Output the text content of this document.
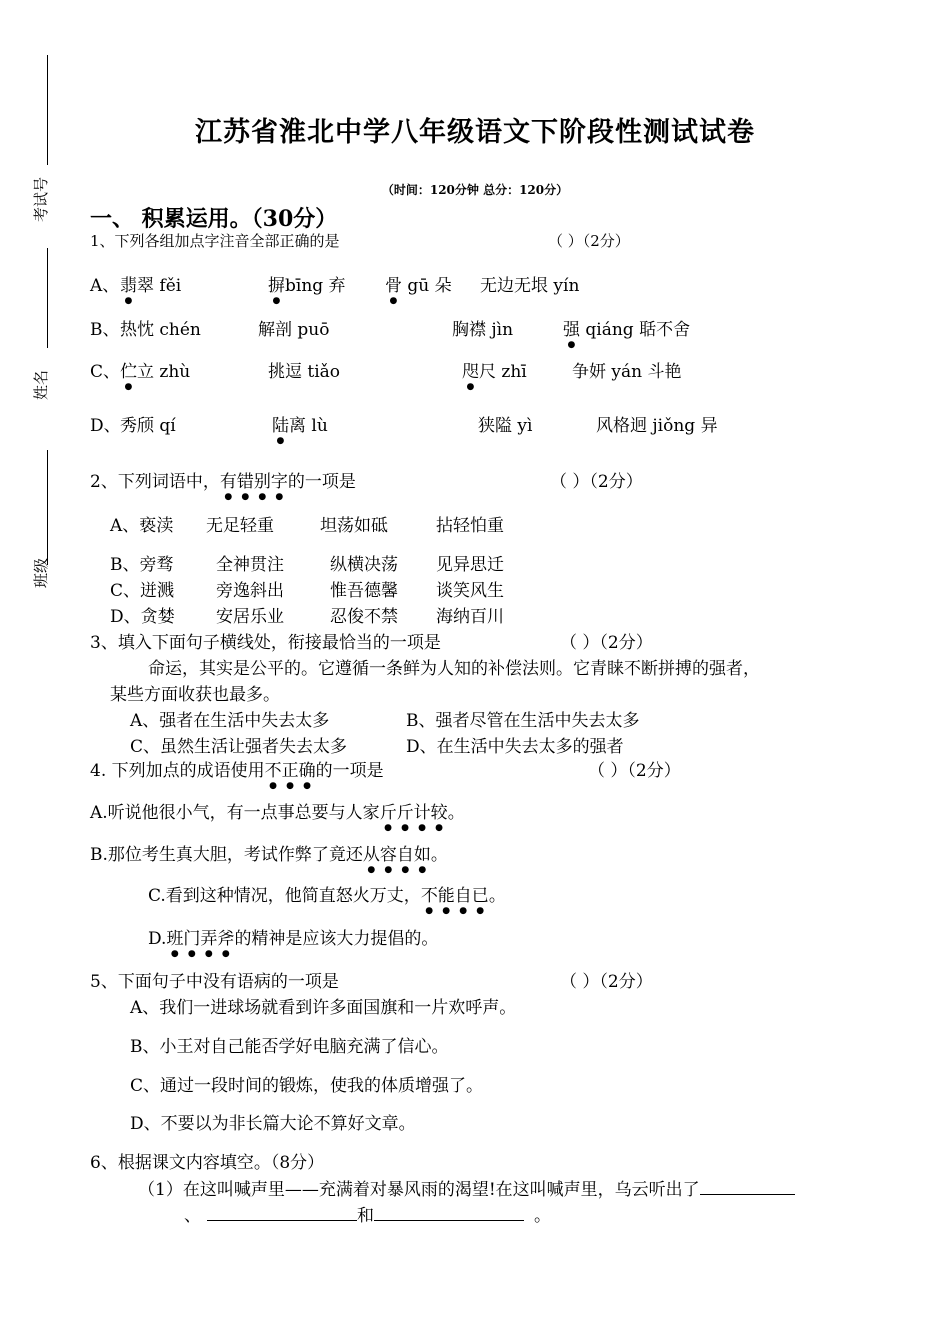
考试号
姓名
班级
江苏省淮北中学八年级语文下阶段性测试试卷
（时间：120分钟 总分：120分）
一、 积累运用。（30分）
1、下列各组加点字注音全部正确的是	（ ）（2分）
A、 翡翠 fěi	摒bīng 弃 骨 gū 朵 无边无垠 yín
B、 热忱 chén	解剖 puō	胸襟 jìn	强 qiáng 聒不舍
C、 伫立 zhù	挑逗 tiǎo	咫尺 zhī	争妍 yán 斗艳
D、 秀颀 qí	陆离 lù	狭隘 yì	风格迥 jiǒng 异
2、下列词语中，有错别字的一项是	（ ）（2分）
A、亵渎 无足轻重	坦荡如砥	拈轻怕重
B、旁骛	全神贯注	纵横决荡 见异思迁
C、迸溅 旁逸斜出	惟吾德馨 谈笑风生
D、贪婪 安居乐业	忍俊不禁 海纳百川
3、填入下面句子横线处，衔接最恰当的一项是	（ ）（2分）
命运，其实是公平的。它遵循一条鲜为人知的补偿法则。它青睐不断拼搏的强者，
某些方面收获也最多。
A、强者在生活中失去太多	B、强者尽管在生活中失去太多
C、虽然生活让强者失去太多	D、在生活中失去太多的强者
4. 下列加点的成语使用不正确的一项是	（ ）（2分）
A.听说他很小气，有一点事总要与人家斤斤计较。
B.那位考生真大胆，考试作弊了竟还从容自如。
C.看到这种情况，他简直怒火万丈，不能自已。
D.班门弄斧的精神是应该大力提倡的。
5、下面句子中没有语病的一项是	（ ）（2分）
A、我们一进球场就看到许多面国旗和一片欢呼声。
B、小王对自己能否学好电脑充满了信心。
C、通过一段时间的锻炼，使我的体质增强了。
D、不要以为非长篇大论不算好文章。
6、根据课文内容填空。（8分）
（1）在这叫喊声里——充满着对暴风雨的渴望!在这叫喊声里，乌云听出了
、	和	。
